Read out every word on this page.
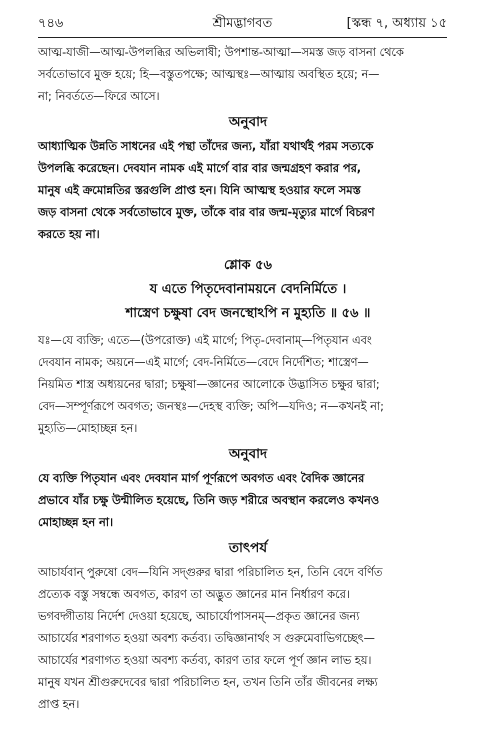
৭৪৬	শ্রীমদ্ভাগবত	[স্কন্ধ ৭, অধ্যায় ১৫

আত্ম-যাজী—আত্ম-উপলব্ধির অভিলাষী; উপশান্ত-আত্মা—সমস্ত জড় বাসনা থেকে

সর্বতোভাবে মুক্ত হয়ে; হি—বস্তুতপক্ষে; আত্মস্থঃ—আত্মায় অবস্থিত হয়ে; ন—

না; নিবর্ততে—ফিরে আসে।

অনুবাদ

আধ্যাত্মিক উন্নতি সাধনের এই পন্থা তাঁদের জন্য, যাঁরা যথার্থই পরম সত্যকে

উপলব্ধি করেছেন। দেবযান নামক এই মার্গে বার বার জন্মগ্রহণ করার পর,

মানুষ এই ক্রমোন্নতির স্তরগুলি প্রাপ্ত হন। যিনি আত্মস্থ হওয়ার ফলে সমস্ত

জড় বাসনা থেকে সর্বতোভাবে মুক্ত, তাঁকে বার বার জন্ম-মৃত্যুর মার্গে বিচরণ

করতে হয় না।

শ্লোক ৫৬
য এতে পিতৃদেবানাময়নে বেদনির্মিতে ।
শাস্ত্রেণ চক্ষুষা বেদ জনস্থোঽপি ন মুহ্যতি ॥ ৫৬ ॥

যঃ—যে ব্যক্তি; এতে—(উপরোক্ত) এই মার্গে; পিতৃ-দেবানাম্—পিতৃযান এবং

দেবযান নামক; অয়নে—এই মার্গে; বেদ-নির্মিতে—বেদে নির্দেশিত; শাস্ত্রেণ—

নিয়মিত শাস্ত্র অধ্যয়নের দ্বারা; চক্ষুষা—জ্ঞানের আলোকে উদ্ভাসিত চক্ষুর দ্বারা;

বেদ—সম্পূর্ণরূপে অবগত; জনস্থঃ—দেহস্থ ব্যক্তি; অপি—যদিও; ন—কখনই না;

মুহ্যতি—মোহাচ্ছন্ন হন।

অনুবাদ

যে ব্যক্তি পিতৃযান এবং দেবযান মার্গ পূর্ণরূপে অবগত এবং বৈদিক জ্ঞানের

প্রভাবে যাঁর চক্ষু উন্মীলিত হয়েছে, তিনি জড় শরীরে অবস্থান করলেও কখনও

মোহাচ্ছন্ন হন না।

তাৎপর্য

আচার্যবান্ পুরুষো বেদ—যিনি সদ্গুরুর দ্বারা পরিচালিত হন, তিনি বেদে বর্ণিত

প্রত্যেক বস্তু সম্বন্ধে অবগত, কারণ তা অদ্ভুত জ্ঞানের মান নির্ধারণ করে।

ভগবদ্গীতায় নির্দেশ দেওয়া হয়েছে, আচার্যোপাসনম্—প্রকৃত জ্ঞানের জন্য

আচার্যের শরণাগত হওয়া অবশ্য কর্তব্য। তদ্বিজ্ঞানার্থং স গুরুমেবাভিগচ্ছেৎ—

আচার্যের শরণাগত হওয়া অবশ্য কর্তব্য, কারণ তার ফলে পূর্ণ জ্ঞান লাভ হয়।

মানুষ যখন শ্রীগুরুদেবের দ্বারা পরিচালিত হন, তখন তিনি তাঁর জীবনের লক্ষ্য

প্রাপ্ত হন।
